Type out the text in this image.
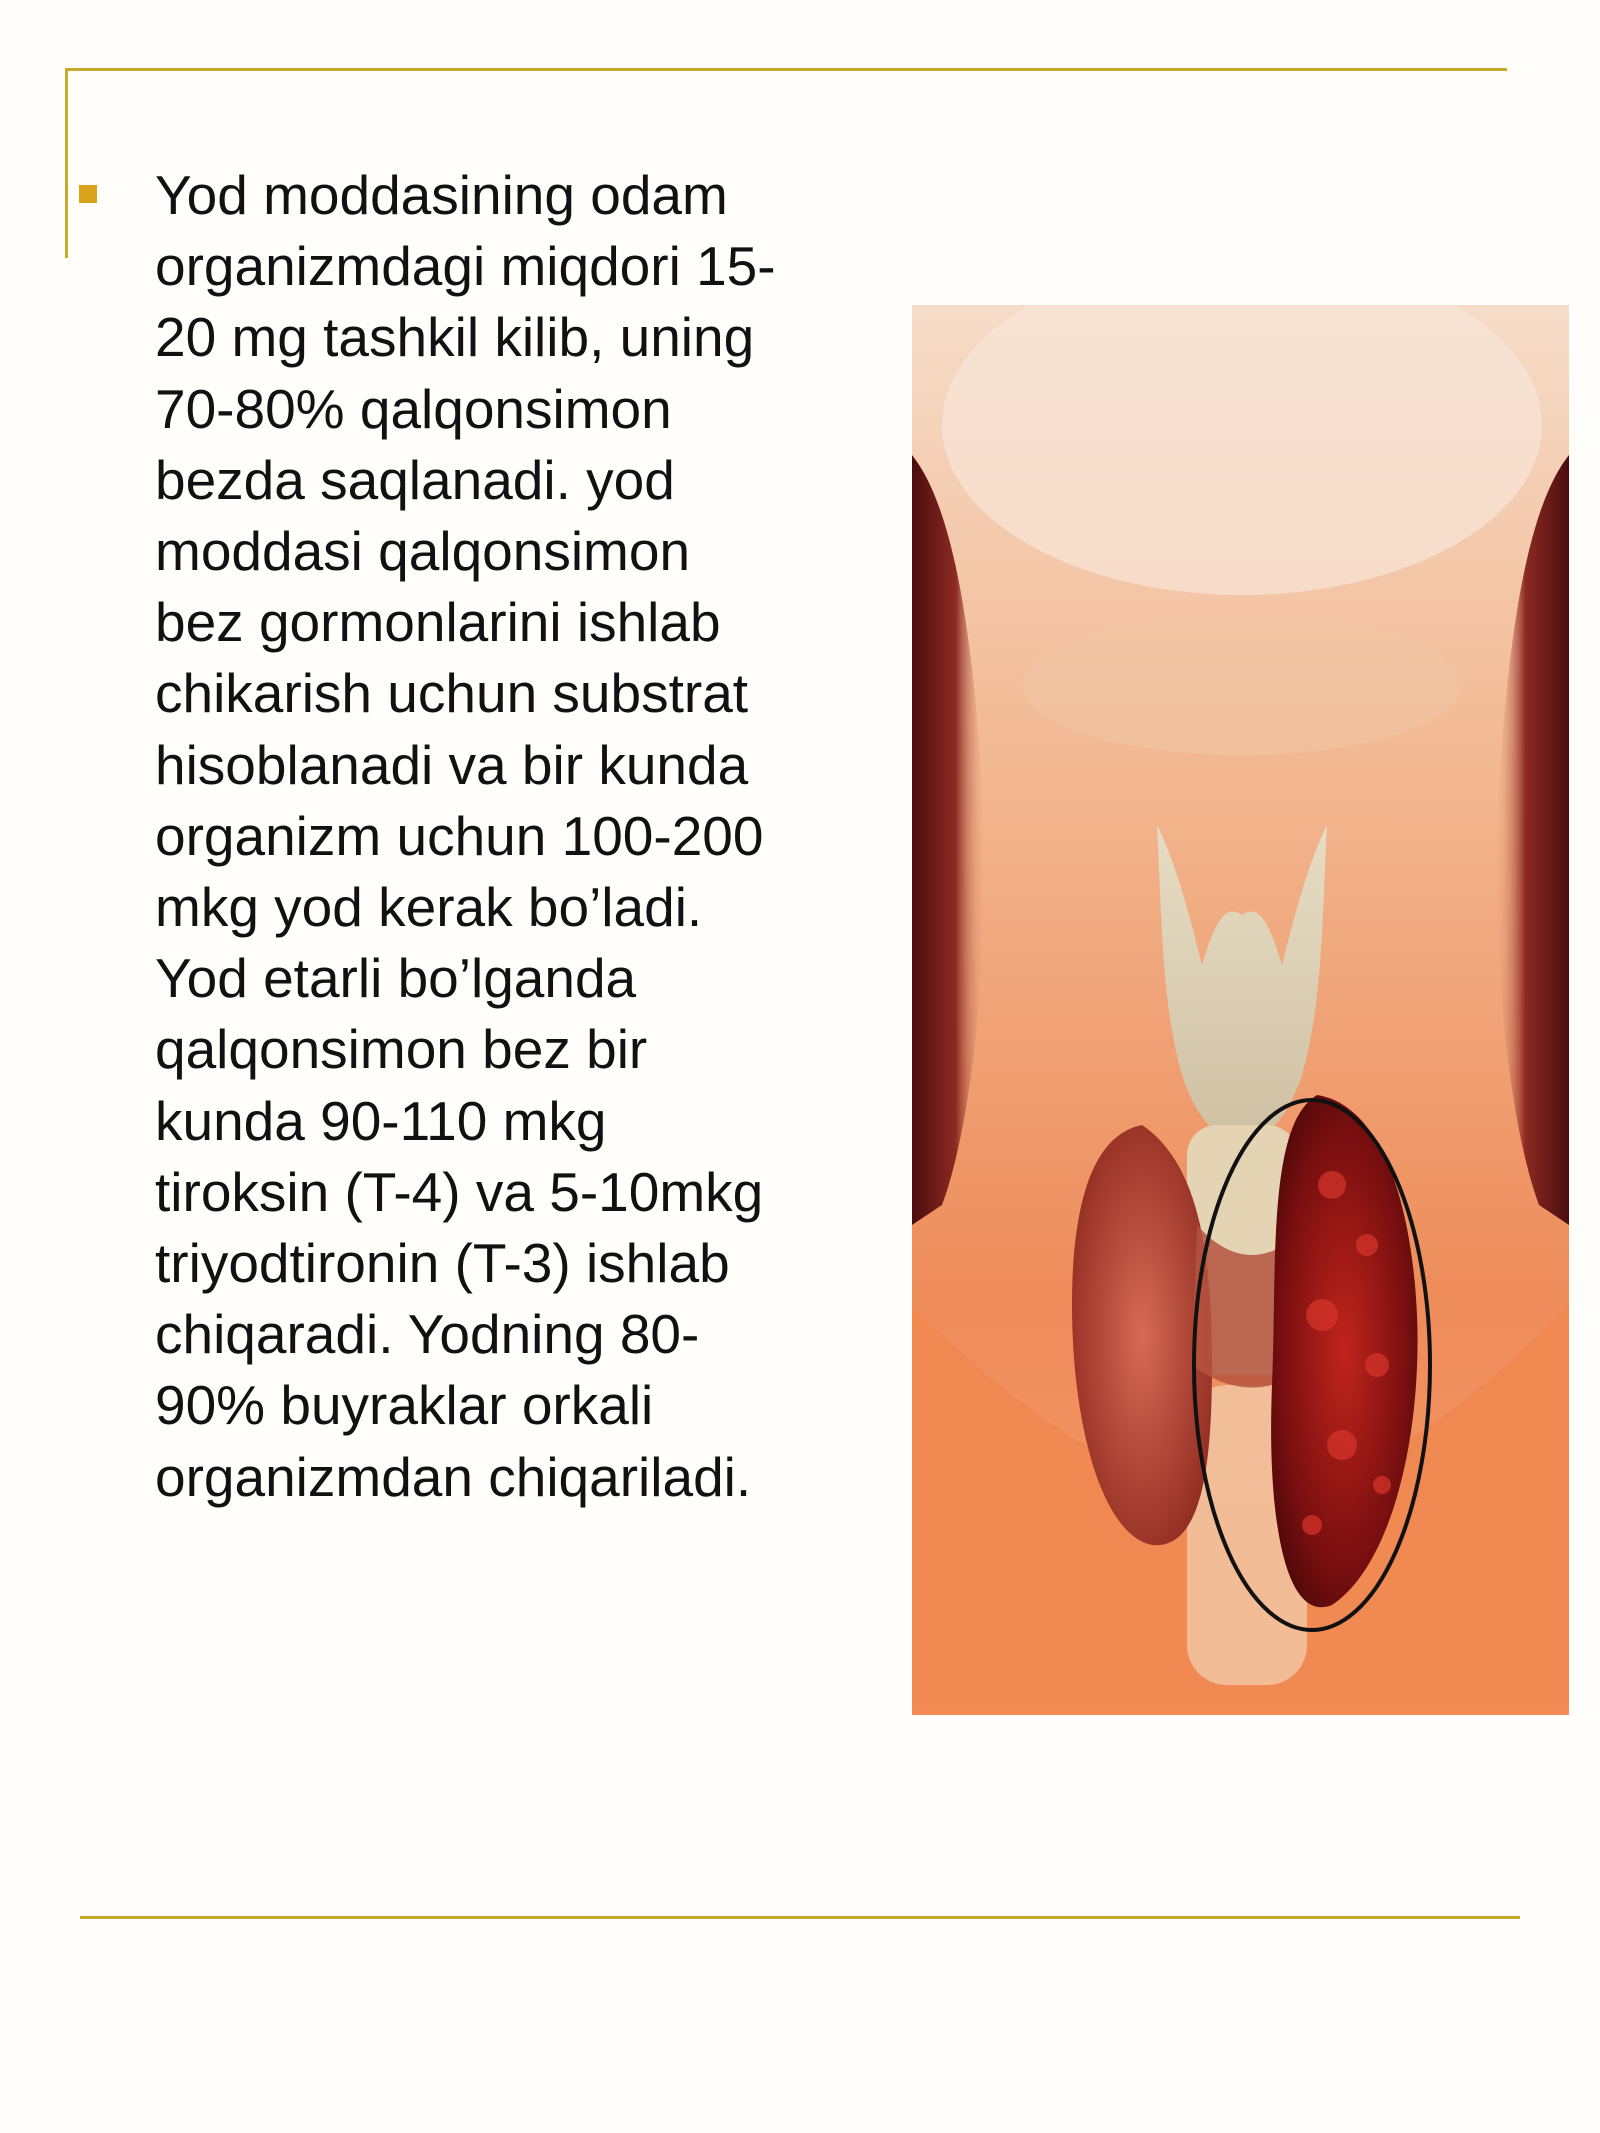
Yod moddasining odam
organizmdagi miqdori 15-
20 mg tashkil kilib, uning
70-80% qalqonsimon
bezda saqlanadi. yod
moddasi qalqonsimon
bez gormonlarini ishlab
chikarish uchun substrat
hisoblanadi va bir kunda
organizm uchun 100-200
mkg yod kerak bo’ladi.
Yod etarli bo’lganda
qalqonsimon bez bir
kunda 90-110 mkg
tiroksin (T-4) va 5-10mkg
triyodtironin (T-3) ishlab
chiqaradi. Yodning 80-
90% buyraklar orkali
organizmdan chiqariladi.
